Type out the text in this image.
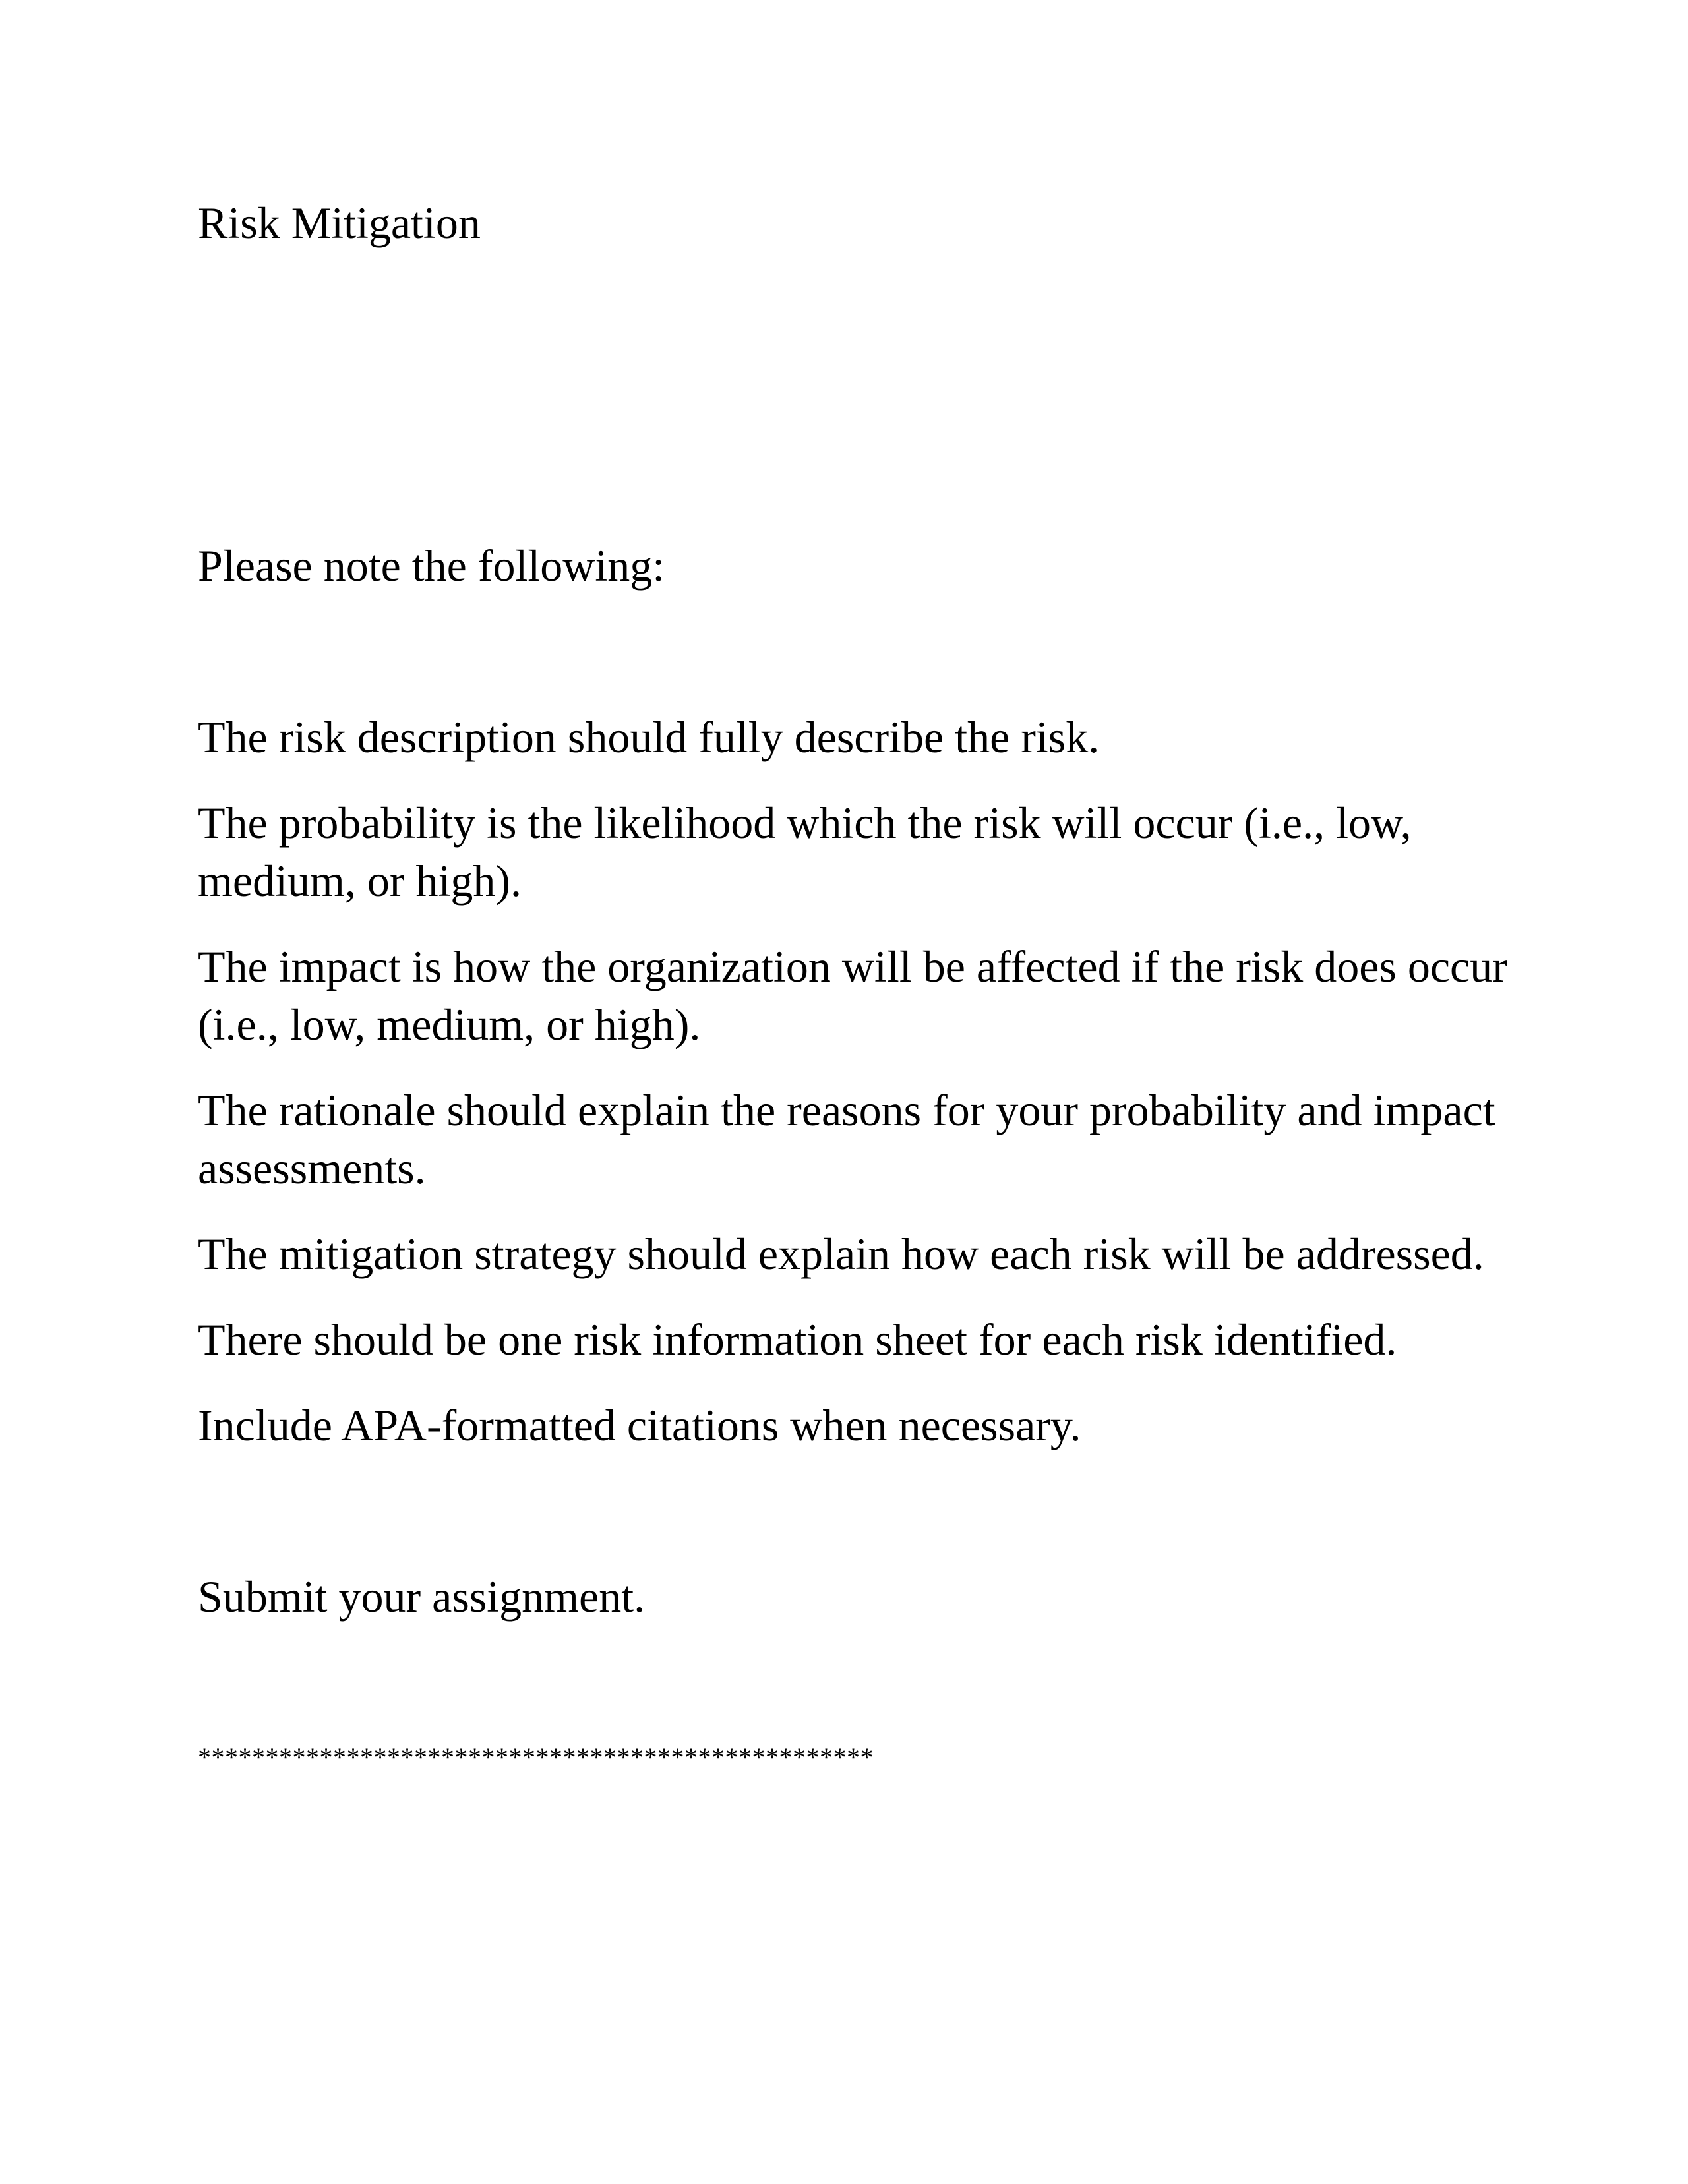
Risk Mitigation

Please note the following:

The risk description should fully describe the risk.

The probability is the likelihood which the risk will occur (i.e., low,

medium, or high).

The impact is how the organization will be affected if the risk does occur

(i.e., low, medium, or high).

The rationale should explain the reasons for your probability and impact

assessments.

The mitigation strategy should explain how each risk will be addressed.

There should be one risk information sheet for each risk identified.

Include APA-formatted citations when necessary.

Submit your assignment.

**************************************************
